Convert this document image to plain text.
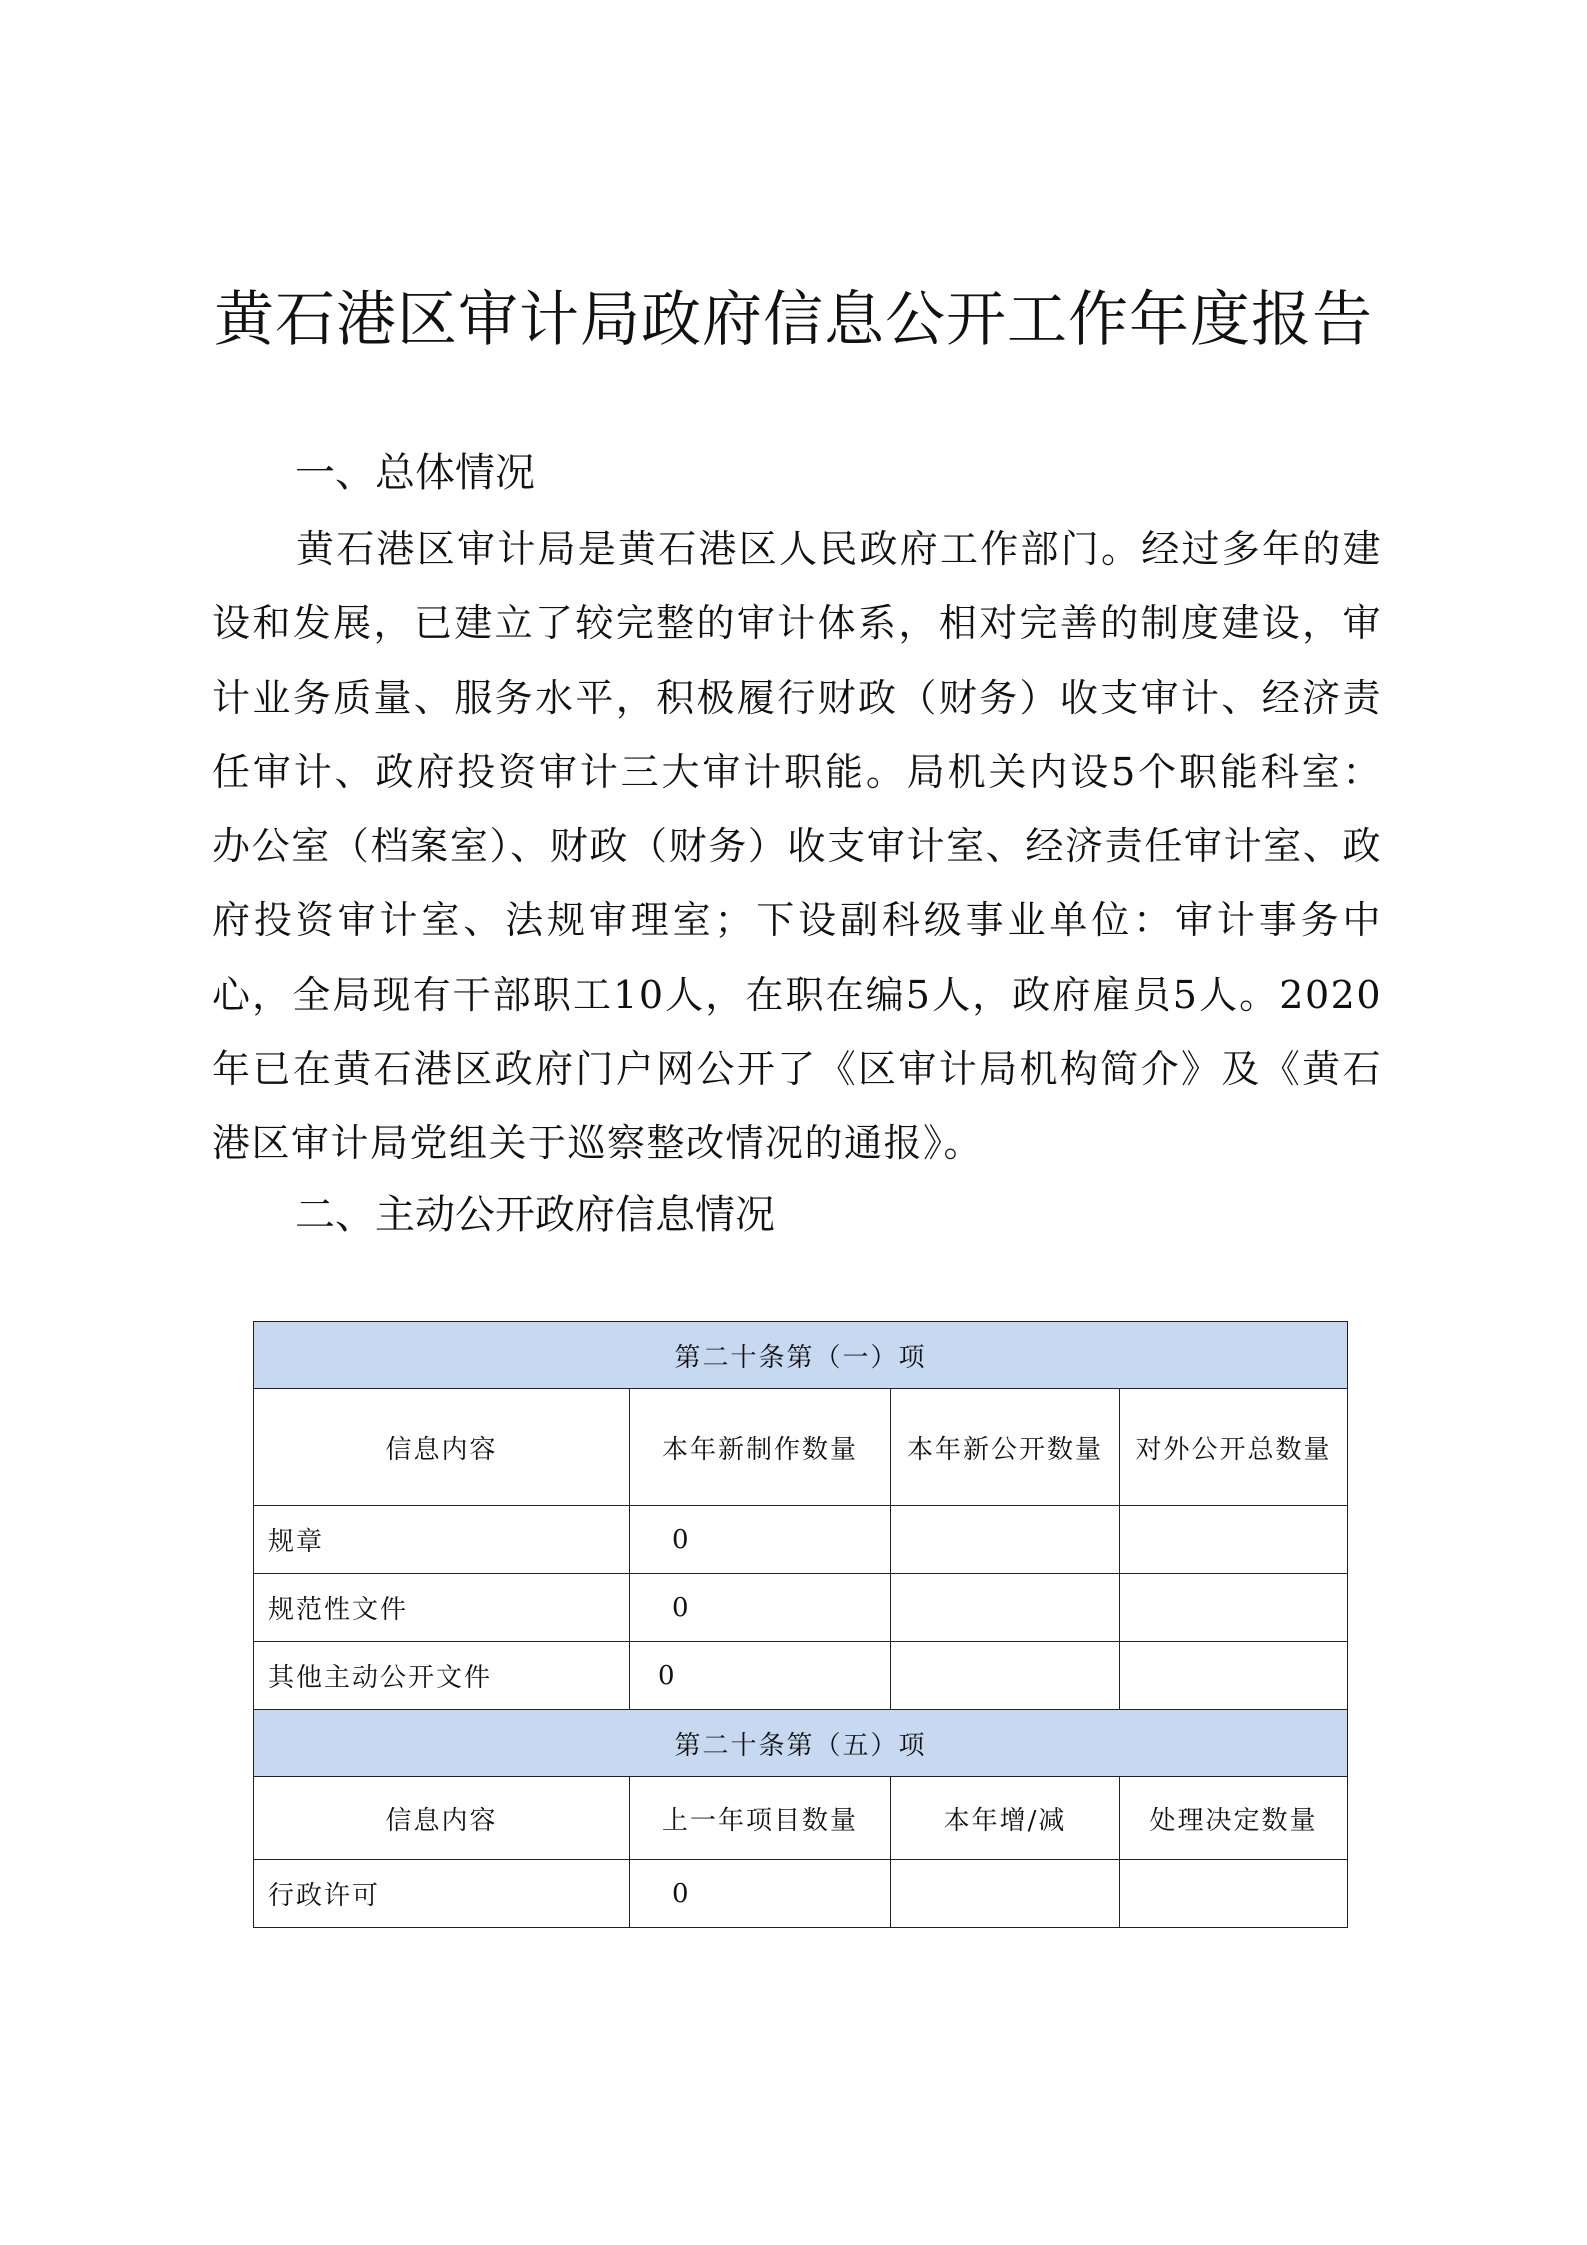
黄石港区审计局政府信息公开工作年度报告
一、总体情况

黄石港区审计局是黄石港区人民政府工作部门。经过多年的建设和发展，已建立了较完整的审计体系，相对完善的制度建设，审计业务质量、服务水平，积极履行财政（财务）收支审计、经济责任审计、政府投资审计三大审计职能。局机关内设5个职能科室：办公室（档案室）、财政（财务）收支审计室、经济责任审计室、政府投资审计室、法规审理室；下设副科级事业单位：审计事务中心，全局现有干部职工10人，在职在编5人，政府雇员5人。2020年已在黄石港区政府门户网公开了《区审计局机构简介》及《黄石港区审计局党组关于巡察整改情况的通报》。

二、主动公开政府信息情况
第二十条第（一）项			
信息内容	本年新制作数量	本年新公开数量	对外公开总数量
规章	0		
规范性文件	0		
其他主动公开文件	0		
第二十条第（五）项			
信息内容	上一年项目数量	本年增/减	处理决定数量
行政许可	0		
